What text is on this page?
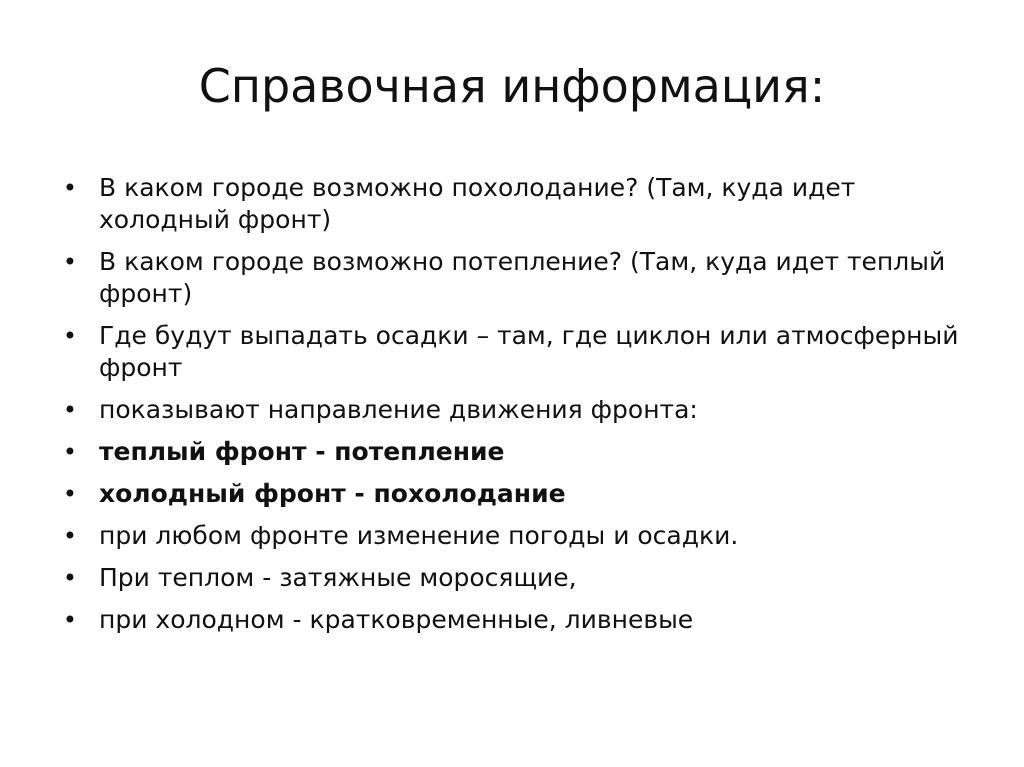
Справочная информация:
• В каком городе возможно похолодание? (Там, куда идет холодный фронт)
• В каком городе возможно потепление? (Там, куда идет теплый фронт)
• Где будут выпадать осадки – там, где циклон или атмосферный фронт
• показывают направление движения фронта:
• теплый фронт - потепление
• холодный фронт - похолодание
• при любом фронте изменение погоды и осадки.
• При теплом - затяжные моросящие,
• при холодном - кратковременные, ливневые
